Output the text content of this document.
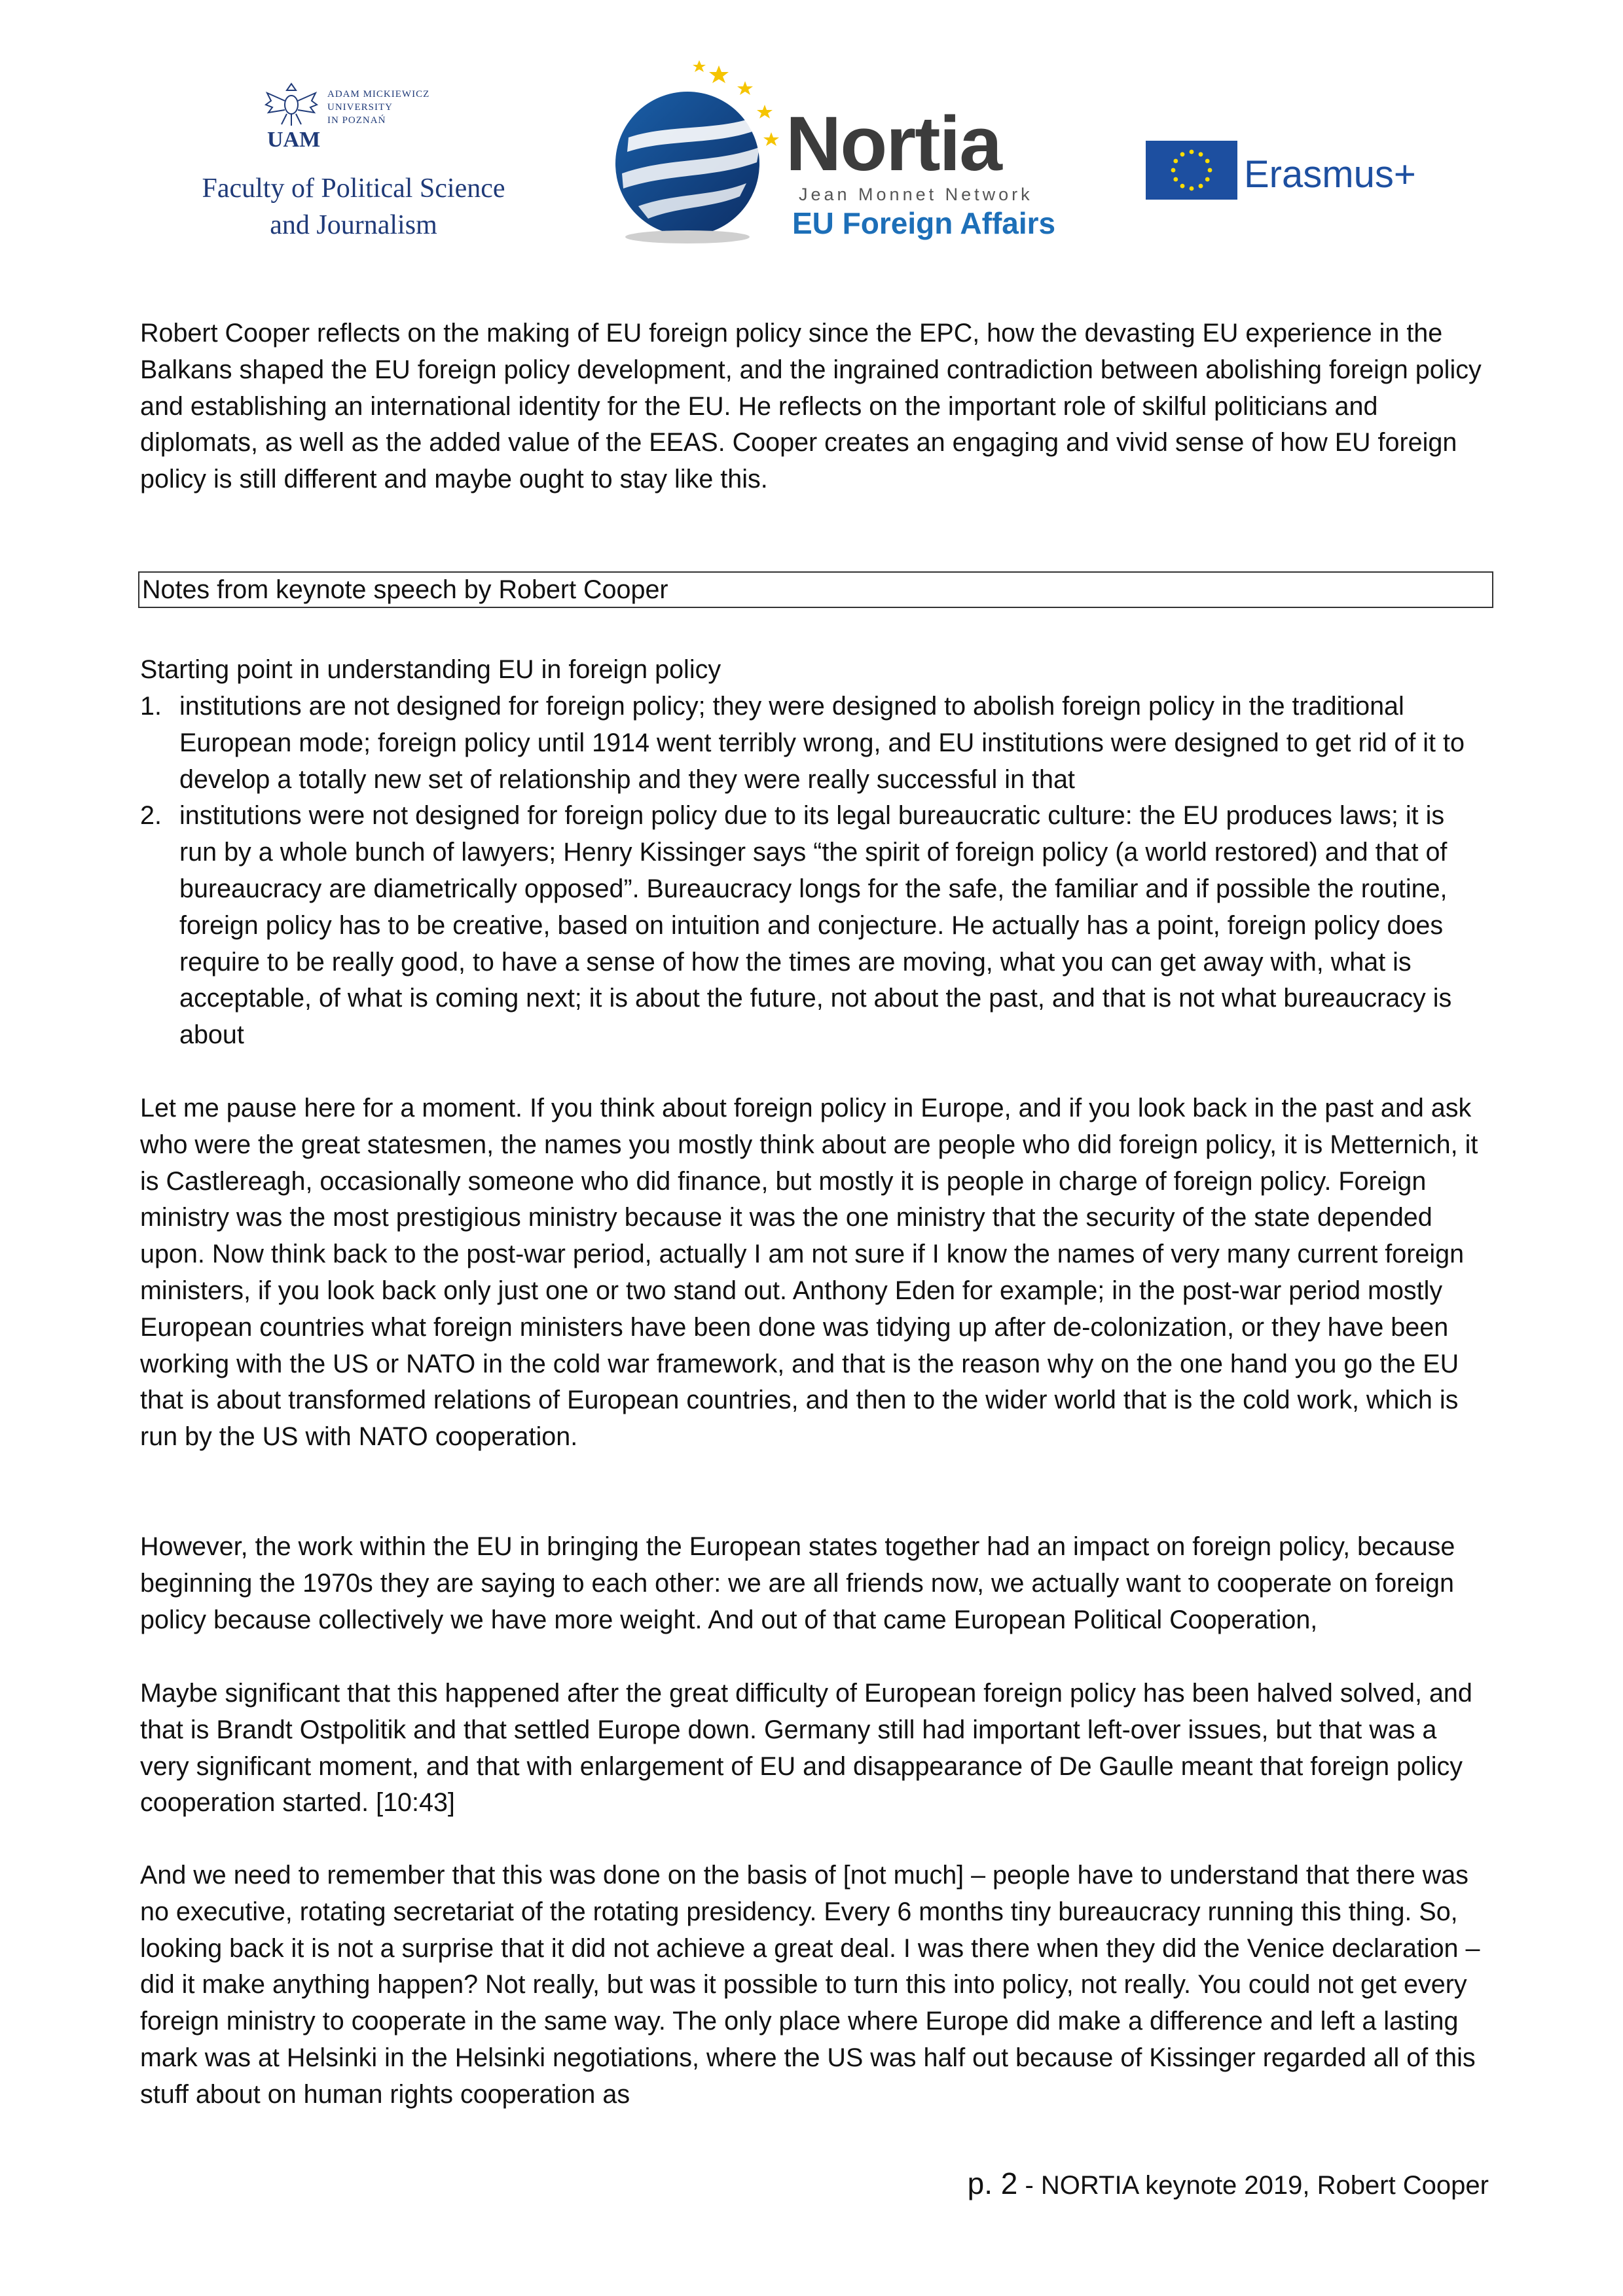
UAM
ADAM MICKIEWICZ
UNIVERSITY
IN POZNAŃ
Faculty of Political Science
and Journalism
Nortia
Jean Monnet Network
EU Foreign Affairs
Erasmus+
Robert Cooper reflects on the making of EU foreign policy since the EPC, how the devasting EU experience in the Balkans shaped the EU foreign policy development, and the ingrained contradiction between abolishing foreign policy and establishing an international identity for the EU. He reflects on the important role of skilful politicians and diplomats, as well as the added value of the EEAS. Cooper creates an engaging and vivid sense of how EU foreign policy is still different and maybe ought to stay like this.
Notes from keynote speech by Robert Cooper
Starting point in understanding EU in foreign policy
1. institutions are not designed for foreign policy; they were designed to abolish foreign policy in the traditional European mode; foreign policy until 1914 went terribly wrong, and EU institutions were designed to get rid of it to develop a totally new set of relationship and they were really successful in that
2. institutions were not designed for foreign policy due to its legal bureaucratic culture: the EU produces laws; it is run by a whole bunch of lawyers; Henry Kissinger says “the spirit of foreign policy (a world restored) and that of bureaucracy are diametrically opposed”. Bureaucracy longs for the safe, the familiar and if possible the routine, foreign policy has to be creative, based on intuition and conjecture. He actually has a point, foreign policy does require to be really good, to have a sense of how the times are moving, what you can get away with, what is acceptable, of what is coming next; it is about the future, not about the past, and that is not what bureaucracy is about
Let me pause here for a moment. If you think about foreign policy in Europe, and if you look back in the past and ask who were the great statesmen, the names you mostly think about are people who did foreign policy, it is Metternich, it is Castlereagh, occasionally someone who did finance, but mostly it is people in charge of foreign policy. Foreign ministry was the most prestigious ministry because it was the one ministry that the security of the state depended upon. Now think back to the post-war period, actually I am not sure if I know the names of very many current foreign ministers, if you look back only just one or two stand out. Anthony Eden for example; in the post-war period mostly European countries what foreign ministers have been done was tidying up after de-colonization, or they have been working with the US or NATO in the cold war framework, and that is the reason why on the one hand you go the EU that is about transformed relations of European countries, and then to the wider world that is the cold work, which is run by the US with NATO cooperation.
However, the work within the EU in bringing the European states together had an impact on foreign policy, because beginning the 1970s they are saying to each other: we are all friends now, we actually want to cooperate on foreign policy because collectively we have more weight. And out of that came European Political Cooperation,
Maybe significant that this happened after the great difficulty of European foreign policy has been halved solved, and that is Brandt Ostpolitik and that settled Europe down. Germany still had important left-over issues, but that was a very significant moment, and that with enlargement of EU and disappearance of De Gaulle meant that foreign policy cooperation started. [10:43]
And we need to remember that this was done on the basis of [not much] – people have to understand that there was no executive, rotating secretariat of the rotating presidency. Every 6 months tiny bureaucracy running this thing. So, looking back it is not a surprise that it did not achieve a great deal. I was there when they did the Venice declaration – did it make anything happen? Not really, but was it possible to turn this into policy, not really. You could not get every foreign ministry to cooperate in the same way. The only place where Europe did make a difference and left a lasting mark was at Helsinki in the Helsinki negotiations, where the US was half out because of Kissinger regarded all of this stuff about on human rights cooperation as
p. 2 - NORTIA keynote 2019, Robert Cooper
